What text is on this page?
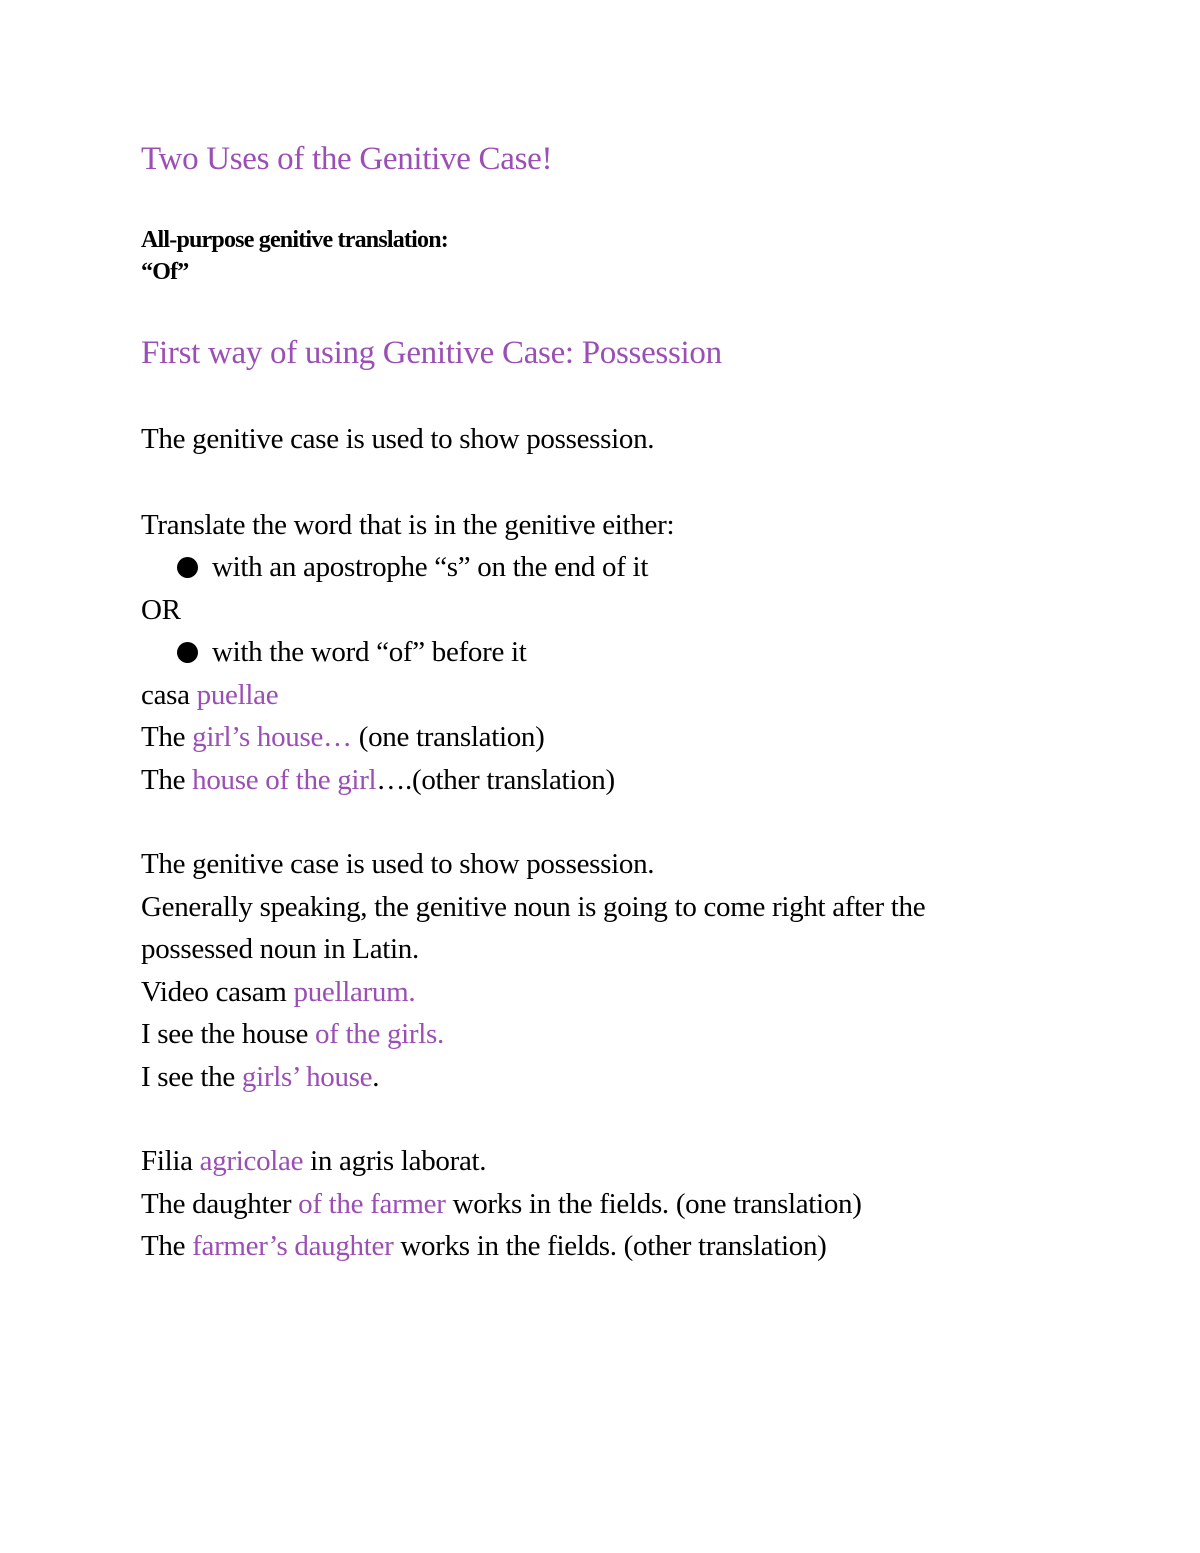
Two Uses of the Genitive Case!

All-purpose genitive translation:

“Of”

First way of using Genitive Case: Possession

The genitive case is used to show possession.

Translate the word that is in the genitive either:

with an apostrophe “s” on the end of it

OR

with the word “of” before it

casa puellae

The girl’s house… (one translation)

The house of the girl….(other translation)

The genitive case is used to show possession.

Generally speaking, the genitive noun is going to come right after the possessed noun in Latin.

Video casam puellarum.

I see the house of the girls.

I see the girls’ house.

Filia agricolae in agris laborat.

The daughter of the farmer works in the fields. (one translation)

The farmer’s daughter works in the fields. (other translation)
